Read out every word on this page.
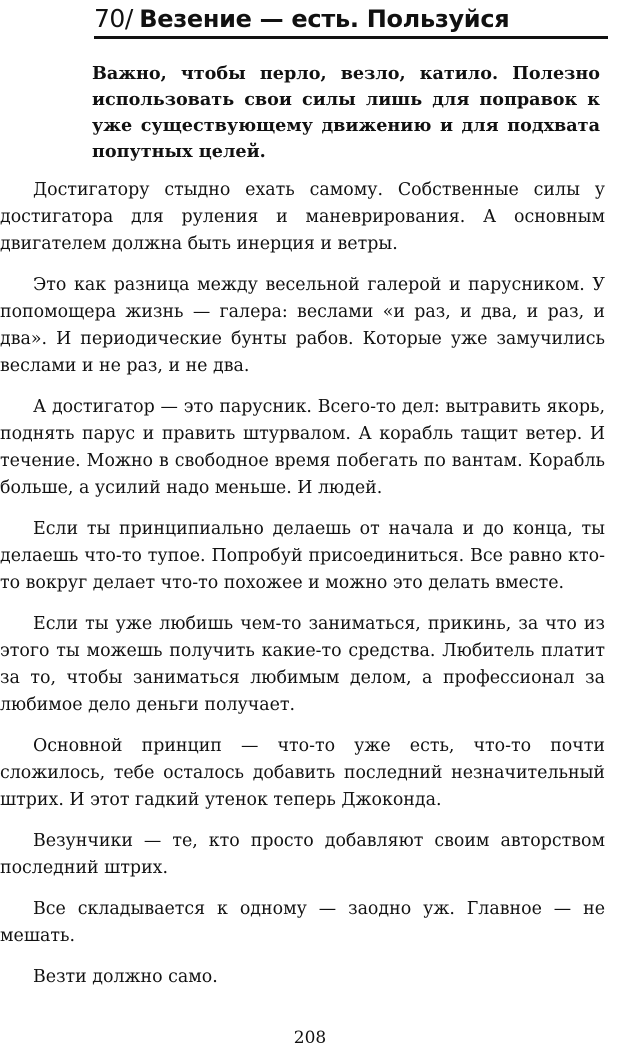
70 / Везение — есть. Пользуйся
Важно, чтобы перло, везло, катило. Полезно использовать свои силы лишь для поправок к уже существующему движению и для подхвата попутных целей.

Достигатору стыдно ехать самому. Собственные силы у достигатора для руления и маневрирования. А основным двигателем должна быть инерция и ветры.

Это как разница между весельной галерой и парусником. У попомощера жизнь — галера: веслами «и раз, и два, и раз, и два». И периодические бунты рабов. Которые уже замучились веслами и не раз, и не два.

А достигатор — это парусник. Всего-то дел: вытравить якорь, поднять парус и править штурвалом. А корабль тащит ветер. И течение. Можно в свободное время побегать по вантам. Корабль больше, а усилий надо меньше. И людей.

Если ты принципиально делаешь от начала и до конца, ты делаешь что-то тупое. Попробуй присоединиться. Все равно кто-то вокруг делает что-то похожее и можно это делать вместе.

Если ты уже любишь чем-то заниматься, прикинь, за что из этого ты можешь получить какие-то средства. Любитель платит за то, чтобы заниматься любимым делом, а профессионал за любимое дело деньги получает.

Основной принцип — что-то уже есть, что-то почти сложилось, тебе осталось добавить последний незначительный штрих. И этот гадкий утенок теперь Джоконда.

Везунчики — те, кто просто добавляют своим авторством последний штрих.

Все складывается к одному — заодно уж. Главное — не мешать.

Везти должно само.

208
